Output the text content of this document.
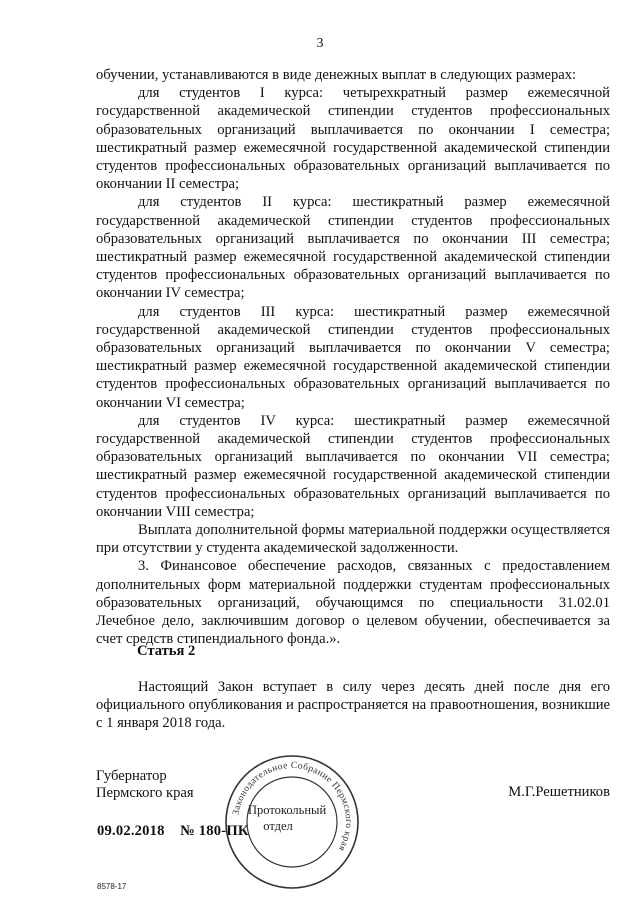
3

обучении, устанавливаются в виде денежных выплат в следующих размерах:

для студентов I курса: четырехкратный размер ежемесячной государственной академической стипендии студентов профессиональных образовательных организаций выплачивается по окончании I семестра; шестикратный размер ежемесячной государственной академической стипендии студентов профессиональных образовательных организаций выплачивается по окончании II семестра;

для студентов II курса: шестикратный размер ежемесячной государственной академической стипендии студентов профессиональных образовательных организаций выплачивается по окончании III семестра; шестикратный размер ежемесячной государственной академической стипендии студентов профессиональных образовательных организаций выплачивается по окончании IV семестра;

для студентов III курса: шестикратный размер ежемесячной государственной академической стипендии студентов профессиональных образовательных организаций выплачивается по окончании V семестра; шестикратный размер ежемесячной государственной академической стипендии студентов профессиональных образовательных организаций выплачивается по окончании VI семестра;

для студентов IV курса: шестикратный размер ежемесячной государственной академической стипендии студентов профессиональных образовательных организаций выплачивается по окончании VII семестра; шестикратный размер ежемесячной государственной академической стипендии студентов профессиональных образовательных организаций выплачивается по окончании VIII семестра;

Выплата дополнительной формы материальной поддержки осуществляется при отсутствии у студента академической задолженности.

3. Финансовое обеспечение расходов, связанных с предоставлением дополнительных форм материальной поддержки студентам профессиональных образовательных организаций, обучающимся по специальности 31.02.01 Лечебное дело, заключившим договор о целевом обучении, обеспечивается за счет средств стипендиального фонда.».

Статья 2
Настоящий Закон вступает в силу через десять дней после дня его официального опубликования и распространяется на правоотношения, возникшие с 1 января 2018 года.
Губернатор
Пермского края	М.Г.Решетников
09.02.2018 № 180-ПК
Законодательное Собрание Пермского края
Протокольный
отдел
8578-17
